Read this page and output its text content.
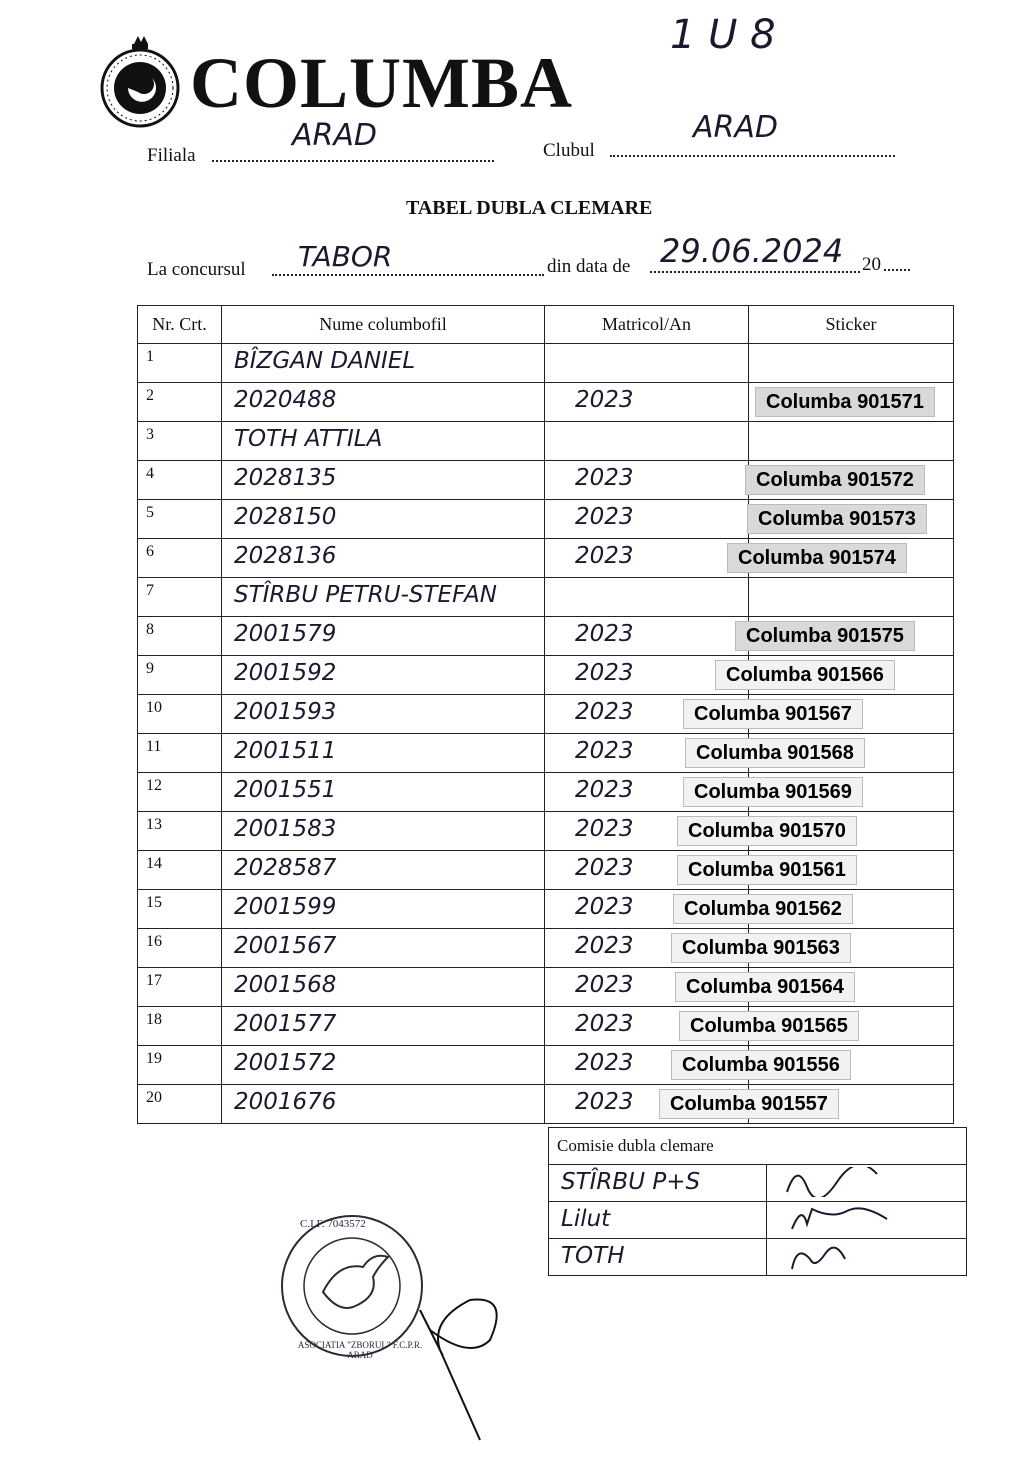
COLUMBA
1 U 8
Filiala
ARAD	Clubul
ARAD
TABEL DUBLA CLEMARE
La concursul TABOR	din data de 29.06.2024 20
Nr. Crt.	Nume columbofil	Matricol/An	Sticker
1	BÎZGAN DANIEL		

2	2020488	2023	Columba 901571

3	TOTH ATTILA		

4	2028135	2023	Columba 901572

5	2028150	2023	Columba 901573

6	2028136	2023	Columba 901574

7	STÎRBU PETRU-STEFAN		

8	2001579	2023	Columba 901575

9	2001592	2023	Columba 901566

10	2001593	2023	Columba 901567

11	2001511	2023	Columba 901568

12	2001551	2023	Columba 901569

13	2001583	2023	Columba 901570

14	2028587	2023	Columba 901561

15	2001599	2023	Columba 901562

16	2001567	2023	Columba 901563

17	2001568	2023	Columba 901564

18	2001577	2023	Columba 901565

19	2001572	2023	Columba 901556

20	2001676	2023	Columba 901557
Comisie dubla clemare	

STÎRBU P+S

Lilut

TOTH

C.I.F. 7043572
ASOCIATIA "ZBORUL" F.C.P.R. ARAD
